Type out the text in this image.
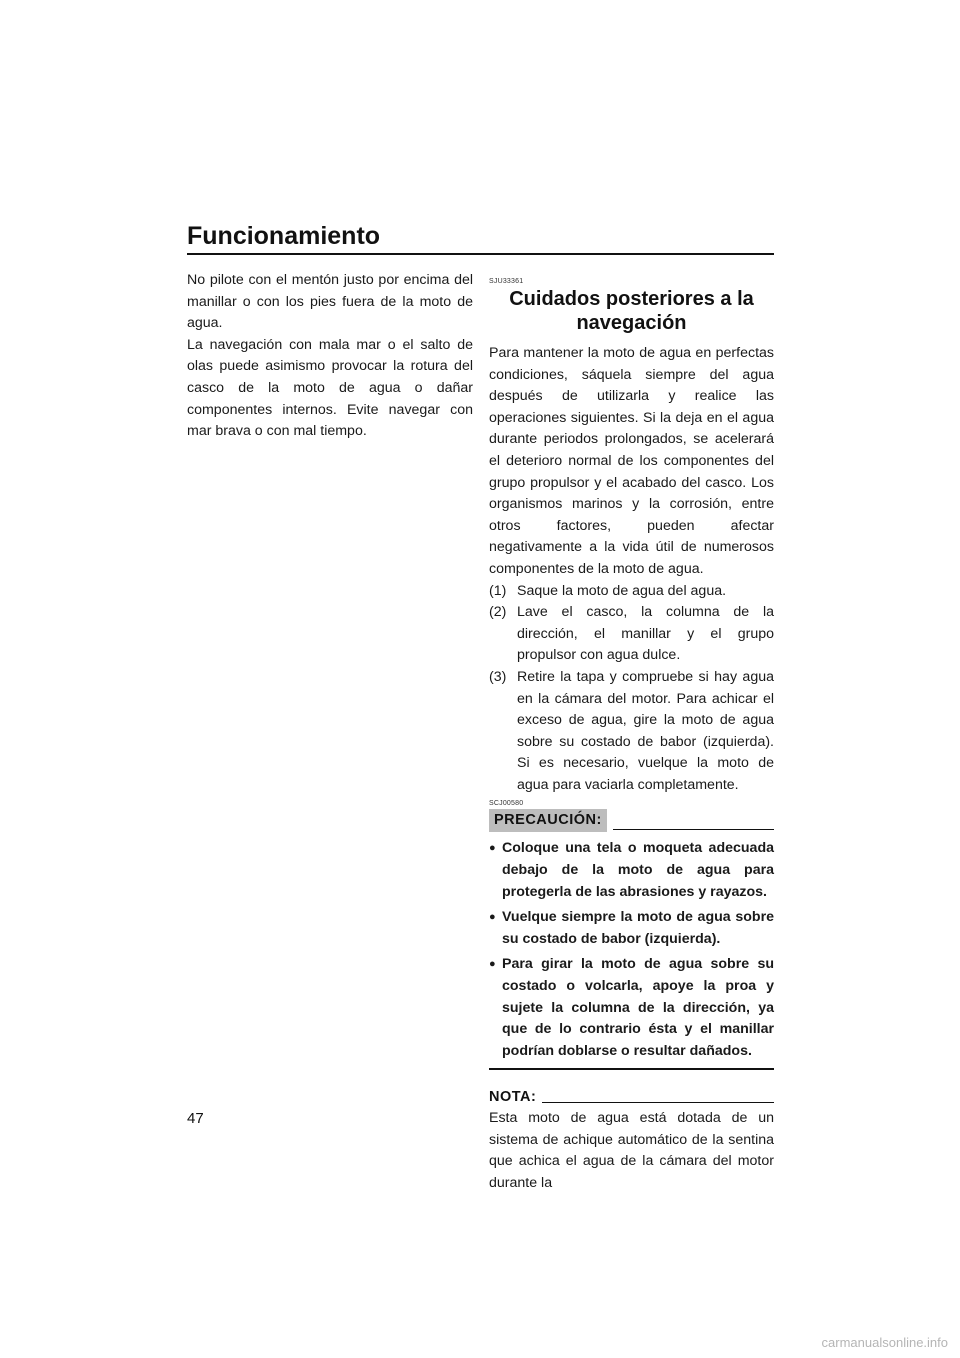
Funcionamiento

No pilote con el mentón justo por encima del manillar o con los pies fuera de la moto de agua.

La navegación con mala mar o el salto de olas puede asimismo provocar la rotura del casco de la moto de agua o dañar componentes internos. Evite navegar con mar brava o con mal tiempo.

SJU33361
Cuidados posteriores a la navegación

Para mantener la moto de agua en perfectas condiciones, sáquela siempre del agua después de utilizarla y realice las operaciones siguientes. Si la deja en el agua durante periodos prolongados, se acelerará el deterioro normal de los componentes del grupo propulsor y el acabado del casco. Los organismos marinos y la corrosión, entre otros factores, pueden afectar negativamente a la vida útil de numerosos componentes de la moto de agua.

(1) Saque la moto de agua del agua.
(2) Lave el casco, la columna de la dirección, el manillar y el grupo propulsor con agua dulce.
(3) Retire la tapa y compruebe si hay agua en la cámara del motor. Para achicar el exceso de agua, gire la moto de agua sobre su costado de babor (izquierda). Si es necesario, vuelque la moto de agua para vaciarla completamente.
SCJ00580
PRECAUCIÓN:
● Coloque una tela o moqueta adecuada debajo de la moto de agua para protegerla de las abrasiones y rayazos.
● Vuelque siempre la moto de agua sobre su costado de babor (izquierda).
● Para girar la moto de agua sobre su costado o volcarla, apoye la proa y sujete la columna de la dirección, ya que de lo contrario ésta y el manillar podrían doblarse o resultar dañados.
NOTA:

Esta moto de agua está dotada de un sistema de achique automático de la sentina que achica el agua de la cámara del motor durante la

47
carmanualsonline.info
